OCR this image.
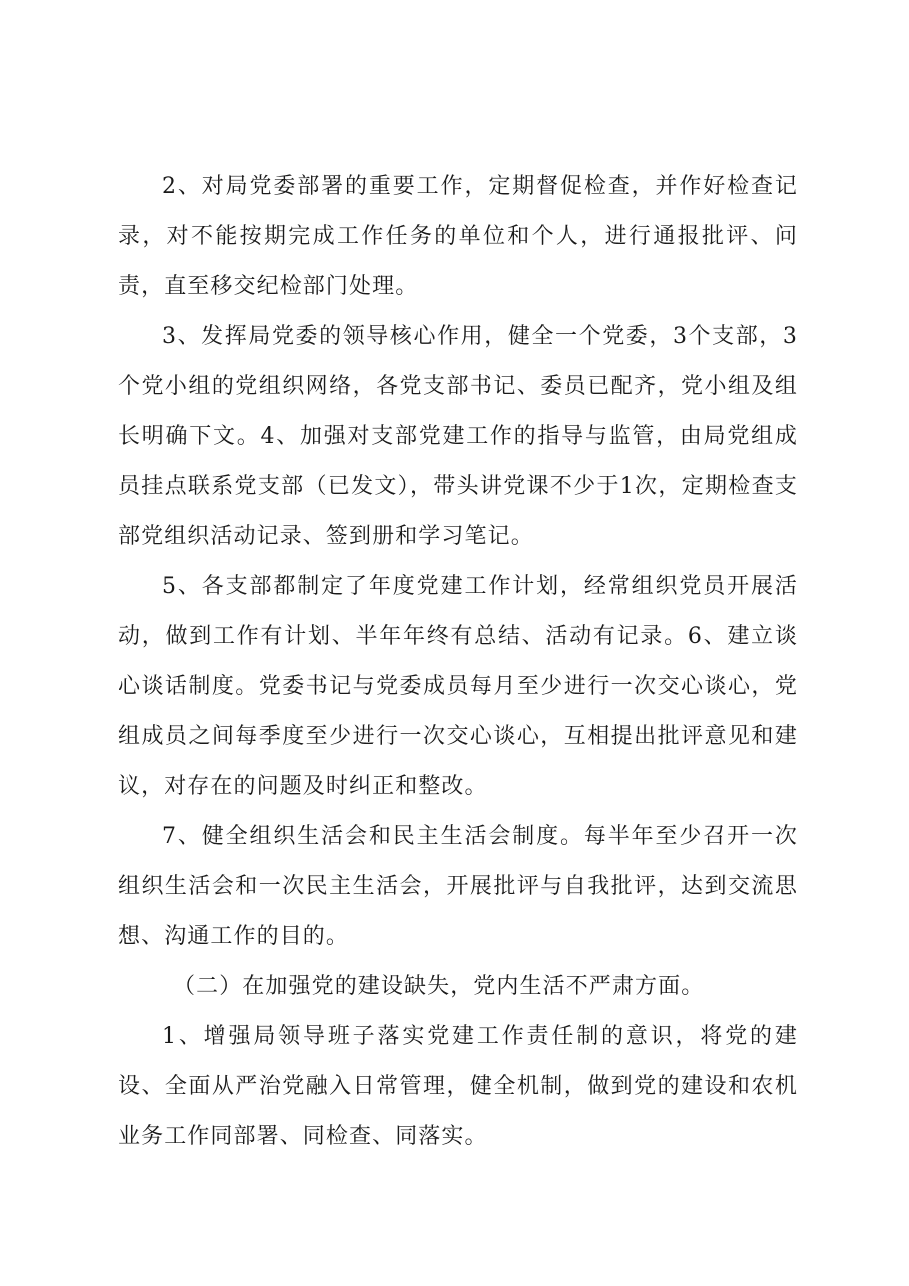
2、对局党委部署的重要工作，定期督促检查，并作好检查记录，对不能按期完成工作任务的单位和个人，进行通报批评、问责，直至移交纪检部门处理。

3、发挥局党委的领导核心作用，健全一个党委，3个支部，3个党小组的党组织网络，各党支部书记、委员已配齐，党小组及组长明确下文。4、加强对支部党建工作的指导与监管，由局党组成员挂点联系党支部（已发文），带头讲党课不少于1次，定期检查支部党组织活动记录、签到册和学习笔记。

5、各支部都制定了年度党建工作计划，经常组织党员开展活动，做到工作有计划、半年年终有总结、活动有记录。6、建立谈心谈话制度。党委书记与党委成员每月至少进行一次交心谈心，党组成员之间每季度至少进行一次交心谈心，互相提出批评意见和建议，对存在的问题及时纠正和整改。

7、健全组织生活会和民主生活会制度。每半年至少召开一次组织生活会和一次民主生活会，开展批评与自我批评，达到交流思想、沟通工作的目的。

（二）在加强党的建设缺失，党内生活不严肃方面。

1、增强局领导班子落实党建工作责任制的意识，将党的建设、全面从严治党融入日常管理，健全机制，做到党的建设和农机业务工作同部署、同检查、同落实。
